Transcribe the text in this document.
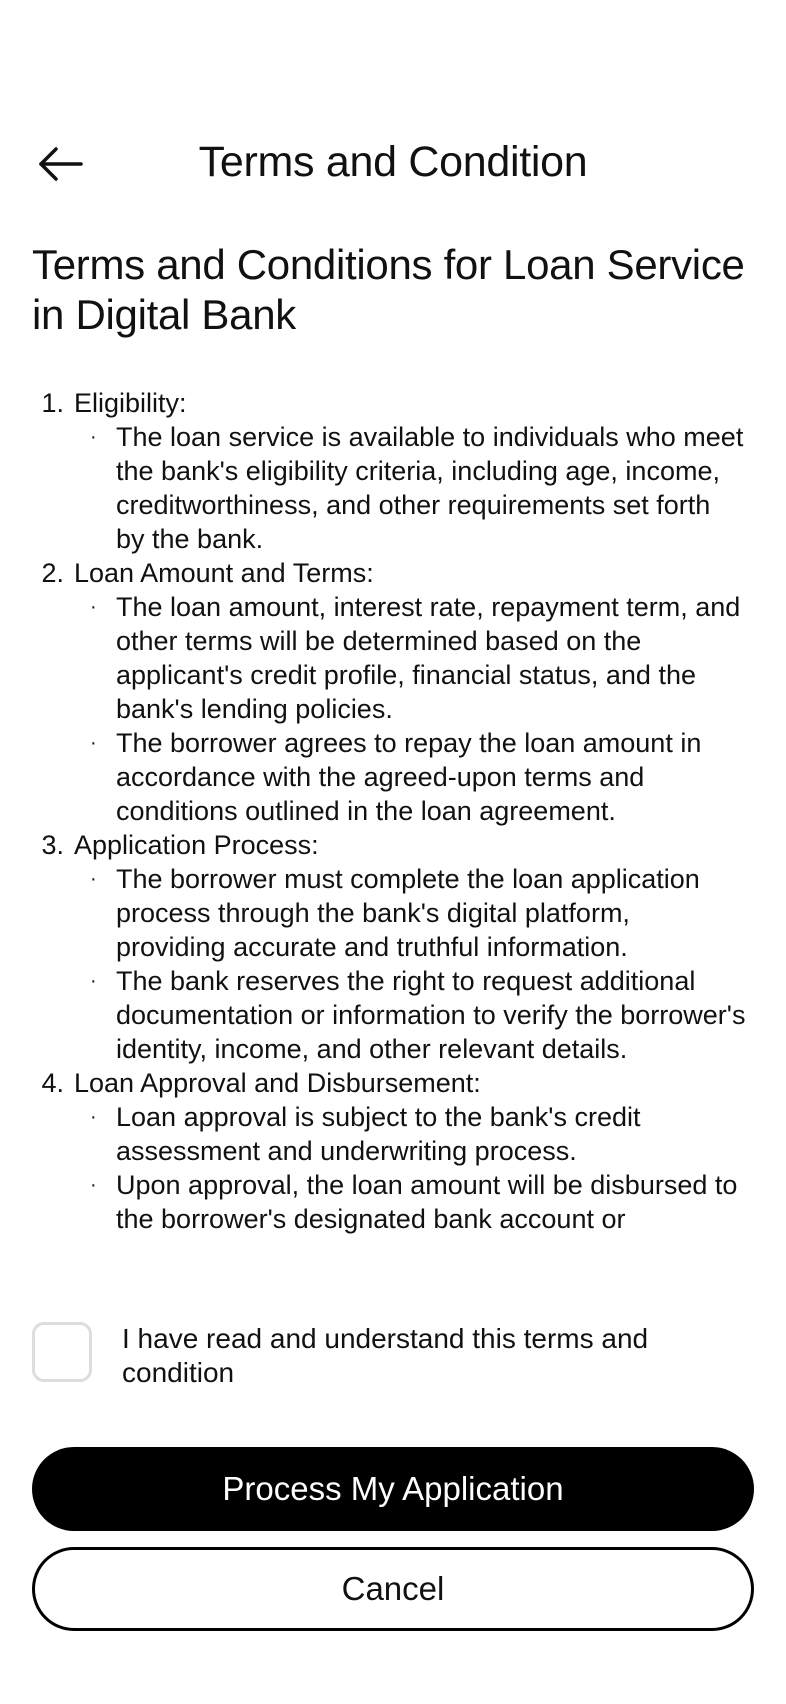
Terms and Condition
Terms and Conditions for Loan Service in Digital Bank
1. Eligibility:
· The loan service is available to individuals who meet the bank's eligibility criteria, including age, income, creditworthiness, and other requirements set forth by the bank.
2. Loan Amount and Terms:
· The loan amount, interest rate, repayment term, and other terms will be determined based on the applicant's credit profile, financial status, and the bank's lending policies.
· The borrower agrees to repay the loan amount in accordance with the agreed-upon terms and conditions outlined in the loan agreement.
3. Application Process:
· The borrower must complete the loan application process through the bank's digital platform, providing accurate and truthful information.
· The bank reserves the right to request additional documentation or information to verify the borrower's identity, income, and other relevant details.
4. Loan Approval and Disbursement:
· Loan approval is subject to the bank's credit assessment and underwriting process.
· Upon approval, the loan amount will be disbursed to the borrower's designated bank account or
I have read and understand this terms and condition
Process My Application
Cancel
